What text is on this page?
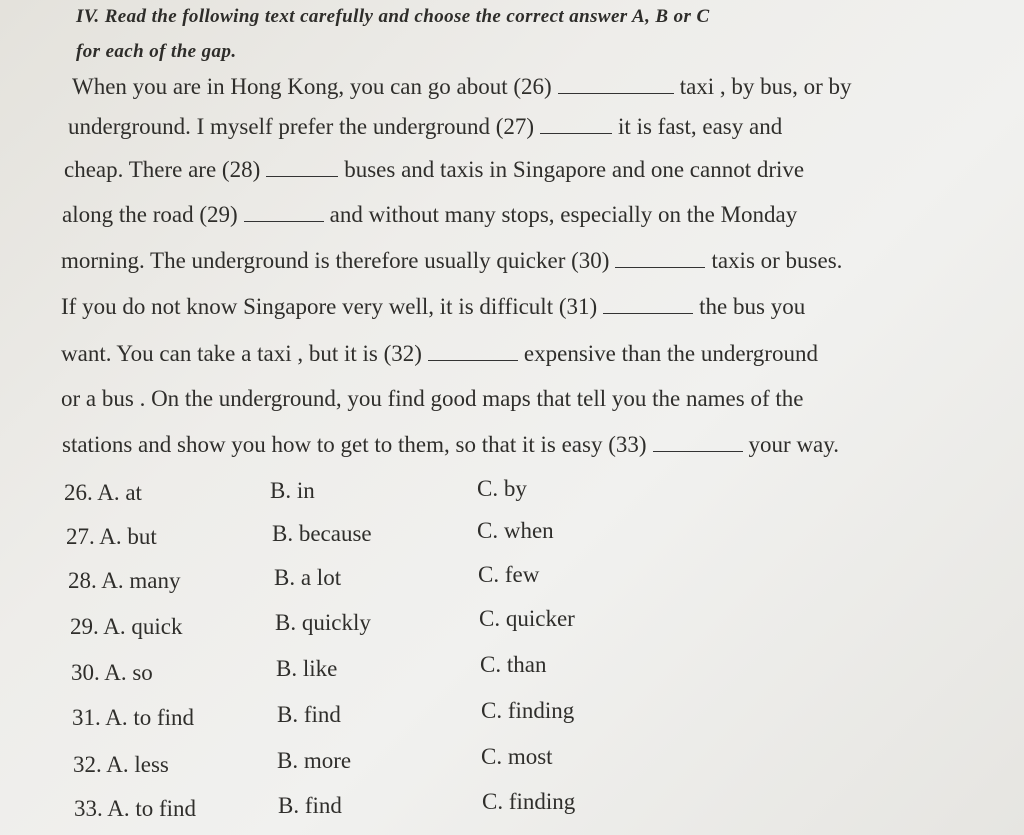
IV. Read the following text carefully and choose the correct answer A, B or C
for each of the gap.
When you are in Hong Kong, you can go about (26)	taxi , by bus, or by
underground. I myself prefer the underground (27)	it is fast, easy and
cheap. There are (28)	buses and taxis in Singapore and one cannot drive
along the road (29)	and without many stops, especially on the Monday
morning. The underground is therefore usually quicker (30)	taxis or buses.
If you do not know Singapore very well, it is difficult (31)	the bus you
want. You can take a taxi , but it is (32)	expensive than the underground
or a bus . On the underground, you find good maps that tell you the names of the
stations and show you how to get to them, so that it is easy (33)	your way.
26. A. at	B. in	C. by
27. A. but	B. because	C. when
28. A. many	B. a lot	C. few
29. A. quick	B. quickly	C. quicker
30. A. so	B. like	C. than
31. A. to find	B. find	C. finding
32. A. less	B. more	C. most
33. A. to find	B. find	C. finding
